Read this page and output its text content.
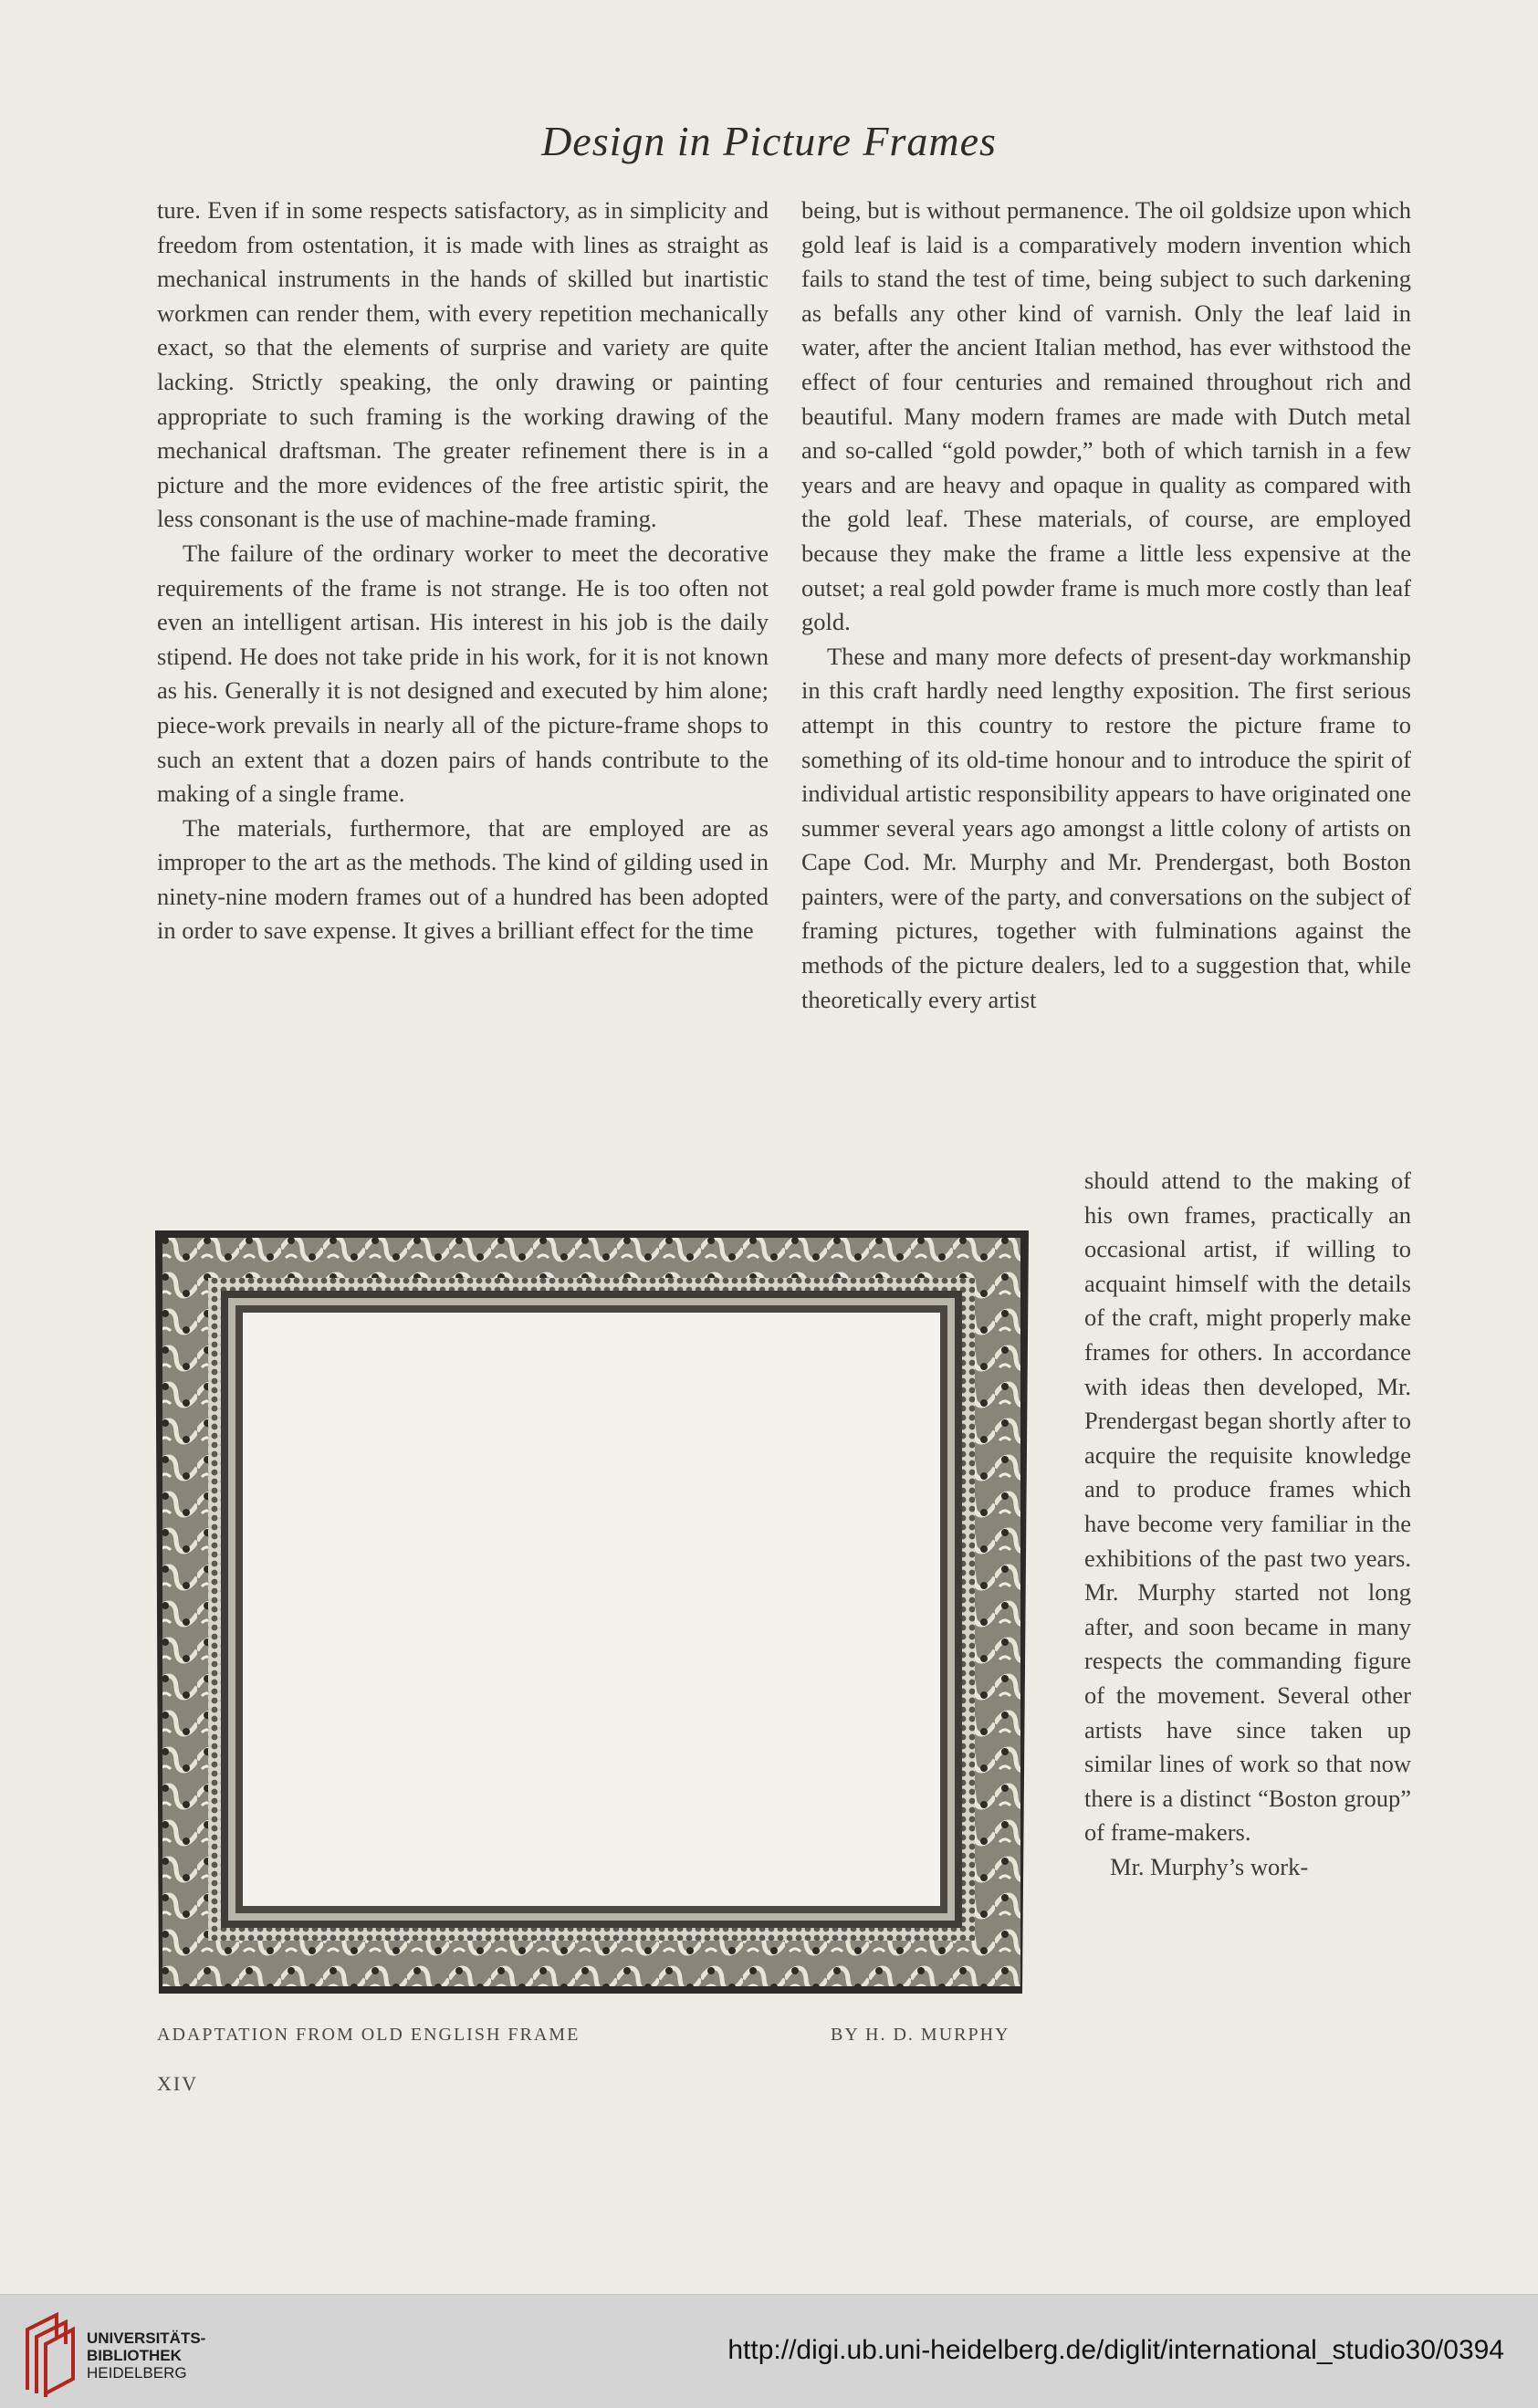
Design in Picture Frames

ture. Even if in some respects satisfactory, as in simplicity and freedom from ostentation, it is made with lines as straight as mechanical instruments in the hands of skilled but inartistic workmen can render them, with every repetition mechanically exact, so that the elements of surprise and variety are quite lacking. Strictly speaking, the only drawing or painting appropriate to such framing is the working drawing of the mechanical draftsman. The greater refinement there is in a picture and the more evidences of the free artistic spirit, the less consonant is the use of machine-made framing.

The failure of the ordinary worker to meet the decorative requirements of the frame is not strange. He is too often not even an intelligent artisan. His interest in his job is the daily stipend. He does not take pride in his work, for it is not known as his. Generally it is not designed and executed by him alone; piece-work prevails in nearly all of the picture-frame shops to such an extent that a dozen pairs of hands contribute to the making of a single frame.

The materials, furthermore, that are employed are as improper to the art as the methods. The kind of gilding used in ninety-nine modern frames out of a hundred has been adopted in order to save expense. It gives a brilliant effect for the time

being, but is without permanence. The oil goldsize upon which gold leaf is laid is a comparatively modern invention which fails to stand the test of time, being subject to such darkening as befalls any other kind of varnish. Only the leaf laid in water, after the ancient Italian method, has ever withstood the effect of four centuries and remained throughout rich and beautiful. Many modern frames are made with Dutch metal and so-called “gold powder,” both of which tarnish in a few years and are heavy and opaque in quality as compared with the gold leaf. These materials, of course, are employed because they make the frame a little less expensive at the outset; a real gold powder frame is much more costly than leaf gold.

These and many more defects of present-day workmanship in this craft hardly need lengthy exposition. The first serious attempt in this country to restore the picture frame to something of its old-time honour and to introduce the spirit of individual artistic responsibility appears to have originated one summer several years ago amongst a little colony of artists on Cape Cod. Mr. Murphy and Mr. Prendergast, both Boston painters, were of the party, and conversations on the subject of framing pictures, together with fulminations against the methods of the picture dealers, led to a suggestion that, while theoretically every artist

should attend to the making of his own frames, practically an occasional artist, if willing to acquaint himself with the details of the craft, might properly make frames for others. In accordance with ideas then developed, Mr. Prendergast began shortly after to acquire the requisite knowledge and to produce frames which have become very familiar in the exhibitions of the past two years. Mr. Murphy started not long after, and soon became in many respects the commanding figure of the movement. Several other artists have since taken up similar lines of work so that now there is a distinct “Boston group” of frame-makers.

Mr. Murphy’s work-

ADAPTATION FROM OLD ENGLISH FRAME	BY H. D. MURPHY
XIV
UNIVERSITÄTS-
BIBLIOTHEK
HEIDELBERG
http://digi.ub.uni-heidelberg.de/diglit/international_studio30/0394
